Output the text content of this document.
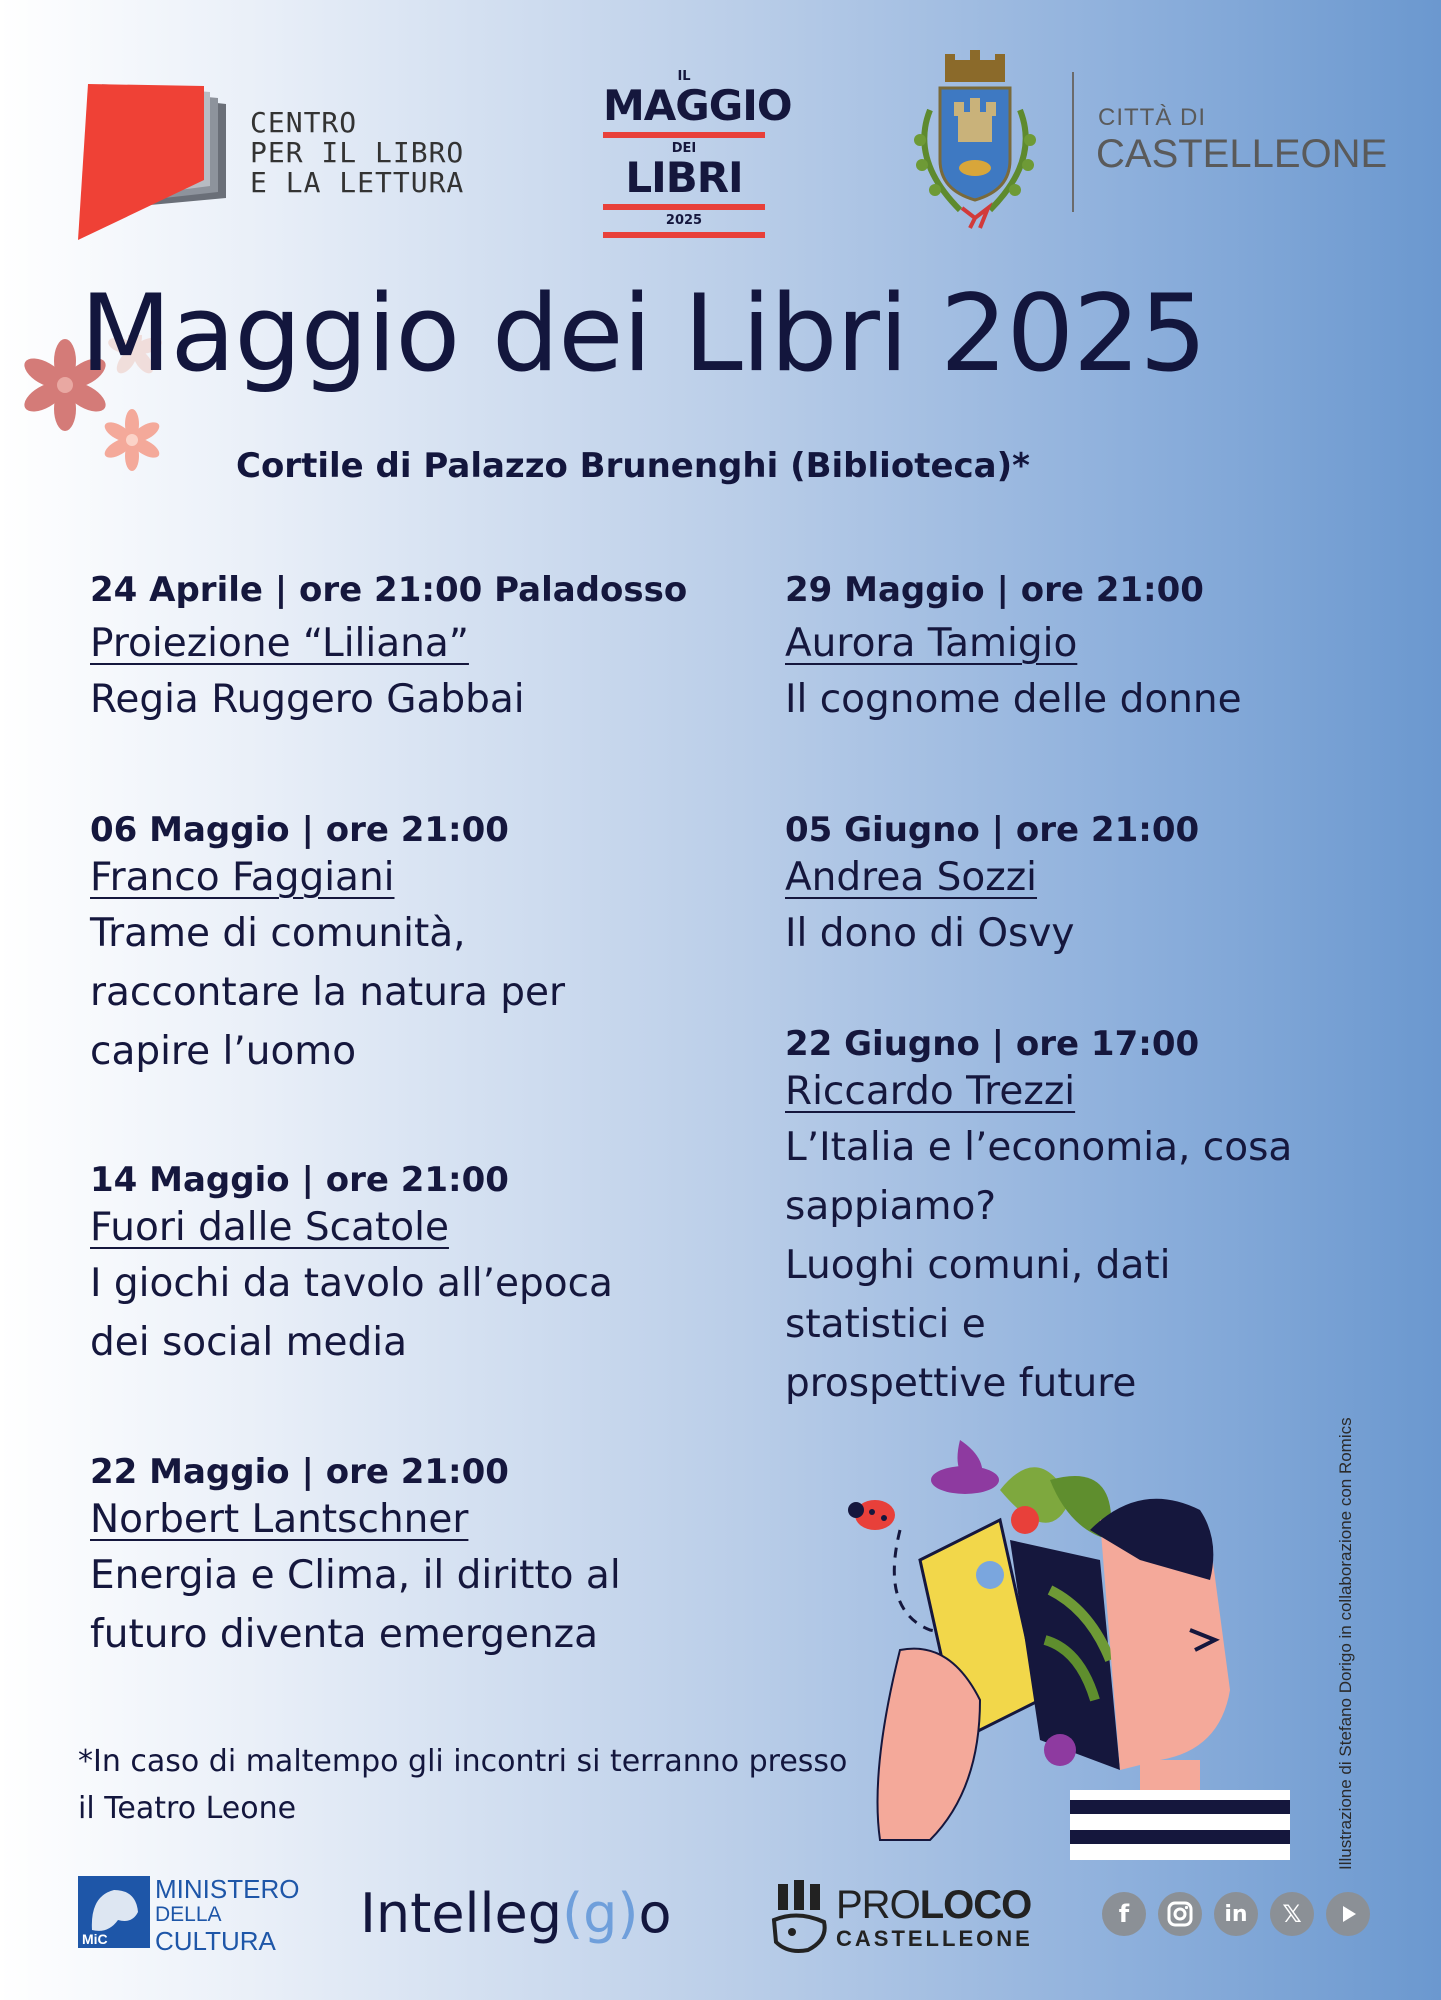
CENTRO
PER IL LIBRO
E LA LETTURA
IL
MAGGIO
DEI
LIBRI
2025
CITTÀ DI
CASTELLEONE
Maggio dei Libri 2025
Cortile di Palazzo Brunenghi (Biblioteca)*
24 Aprile | ore 21:00 Paladosso
Proiezione “Liliana”
Regia Ruggero Gabbai
06 Maggio | ore 21:00
Franco Faggiani
Trame di comunità,
raccontare la natura per
capire l’uomo
14 Maggio | ore 21:00
Fuori dalle Scatole
I giochi da tavolo all’epoca
dei social media
22 Maggio | ore 21:00
Norbert Lantschner
Energia e Clima, il diritto al
futuro diventa emergenza
29 Maggio | ore 21:00
Aurora Tamigio
Il cognome delle donne
05 Giugno | ore 21:00
Andrea Sozzi
Il dono di Osvy
22 Giugno | ore 17:00
Riccardo Trezzi
L’Italia e l’economia, cosa
sappiamo?
Luoghi comuni, dati
statistici e
prospettive future
*In caso di maltempo gli incontri si terranno presso
il Teatro Leone	Illustrazione di Stefano Dorigo in collaborazione con Romics
MiC
MINISTERO
DELLA
CULTURA	Intelleg(g)o	PROLOCO
CASTELLEONE
f	in	𝕏
